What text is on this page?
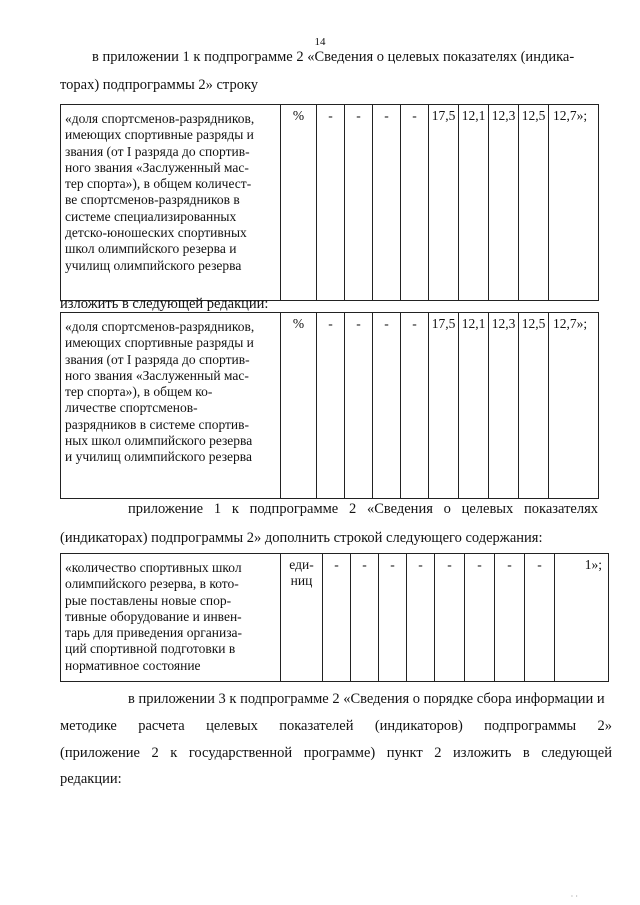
14
в приложении 1 к подпрограмме 2 «Сведения о целевых показателях (индика-
торах) подпрограммы 2» строку
«доля спортсменов-разрядников,
имеющих спортивные разряды и
звания (от I разряда до спортив-
ного звания «Заслуженный мас-
тер спорта»), в общем количест-
ве спортсменов-разрядников в
системе специализированных
детско-юношеских спортивных
школ олимпийского резерва и
училищ олимпийского резерва	%	-	-	-	-	17,5	12,1	12,3	12,5	12,7»;
изложить в следующей редакции:
«доля спортсменов-разрядников,
имеющих спортивные разряды и
звания (от I разряда до спортив-
ного звания «Заслуженный мас-
тер спорта»), в общем ко-
личестве спортсменов-
разрядников в системе спортив-
ных школ олимпийского резерва
и училищ олимпийского резерва	%	-	-	-	-	17,5	12,1	12,3	12,5	12,7»;
приложение 1 к подпрограмме 2 «Сведения о целевых показателях
(индикаторах) подпрограммы 2» дополнить строкой следующего содержания:
«количество спортивных школ
олимпийского резерва, в кото-
рые поставлены новые спор-
тивные оборудование и инвен-
тарь для приведения организа-
ций спортивной подготовки в
нормативное состояние	еди-
ниц	-	-	-	-	-	-	-	-	1»;
в приложении 3 к подпрограмме 2 «Сведения о порядке сбора информации и
методике расчета целевых показателей (индикаторов) подпрограммы 2»
(приложение 2 к государственной программе) пункт 2 изложить в следующей
редакции:
· ·
